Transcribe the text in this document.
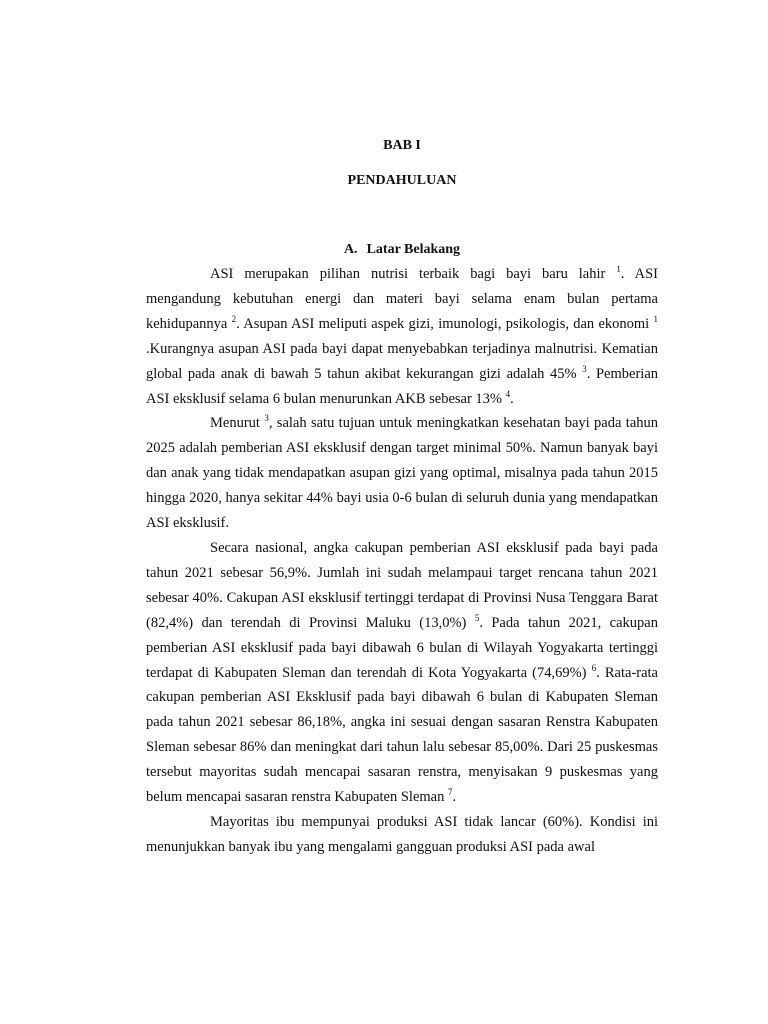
BAB I
PENDAHULUAN
A. Latar Belakang

ASI merupakan pilihan nutrisi terbaik bagi bayi baru lahir $^1$. ASI mengandung kebutuhan energi dan materi bayi selama enam bulan pertama kehidupannya $^2$. Asupan ASI meliputi aspek gizi, imunologi, psikologis, dan ekonomi $^1$ .Kurangnya asupan ASI pada bayi dapat menyebabkan terjadinya malnutrisi. Kematian global pada anak di bawah 5 tahun akibat kekurangan gizi adalah 45% $^3$. Pemberian ASI eksklusif selama 6 bulan menurunkan AKB sebesar 13% $^4$.

Menurut $^3$, salah satu tujuan untuk meningkatkan kesehatan bayi pada tahun 2025 adalah pemberian ASI eksklusif dengan target minimal 50%. Namun banyak bayi dan anak yang tidak mendapatkan asupan gizi yang optimal, misalnya pada tahun 2015 hingga 2020, hanya sekitar 44% bayi usia 0-6 bulan di seluruh dunia yang mendapatkan ASI eksklusif.

Secara nasional, angka cakupan pemberian ASI eksklusif pada bayi pada tahun 2021 sebesar 56,9%. Jumlah ini sudah melampaui target rencana tahun 2021 sebesar 40%. Cakupan ASI eksklusif tertinggi terdapat di Provinsi Nusa Tenggara Barat (82,4%) dan terendah di Provinsi Maluku (13,0%) $^5$. Pada tahun 2021, cakupan pemberian ASI eksklusif pada bayi dibawah 6 bulan di Wilayah Yogyakarta tertinggi terdapat di Kabupaten Sleman dan terendah di Kota Yogyakarta (74,69%) $^6$. Rata-rata cakupan pemberian ASI Eksklusif pada bayi dibawah 6 bulan di Kabupaten Sleman pada tahun 2021 sebesar 86,18%, angka ini sesuai dengan sasaran Renstra Kabupaten Sleman sebesar 86% dan meningkat dari tahun lalu sebesar 85,00%. Dari 25 puskesmas tersebut mayoritas sudah mencapai sasaran renstra, menyisakan 9 puskesmas yang belum mencapai sasaran renstra Kabupaten Sleman $^7$.

Mayoritas ibu mempunyai produksi ASI tidak lancar (60%). Kondisi ini menunjukkan banyak ibu yang mengalami gangguan produksi ASI pada awal
